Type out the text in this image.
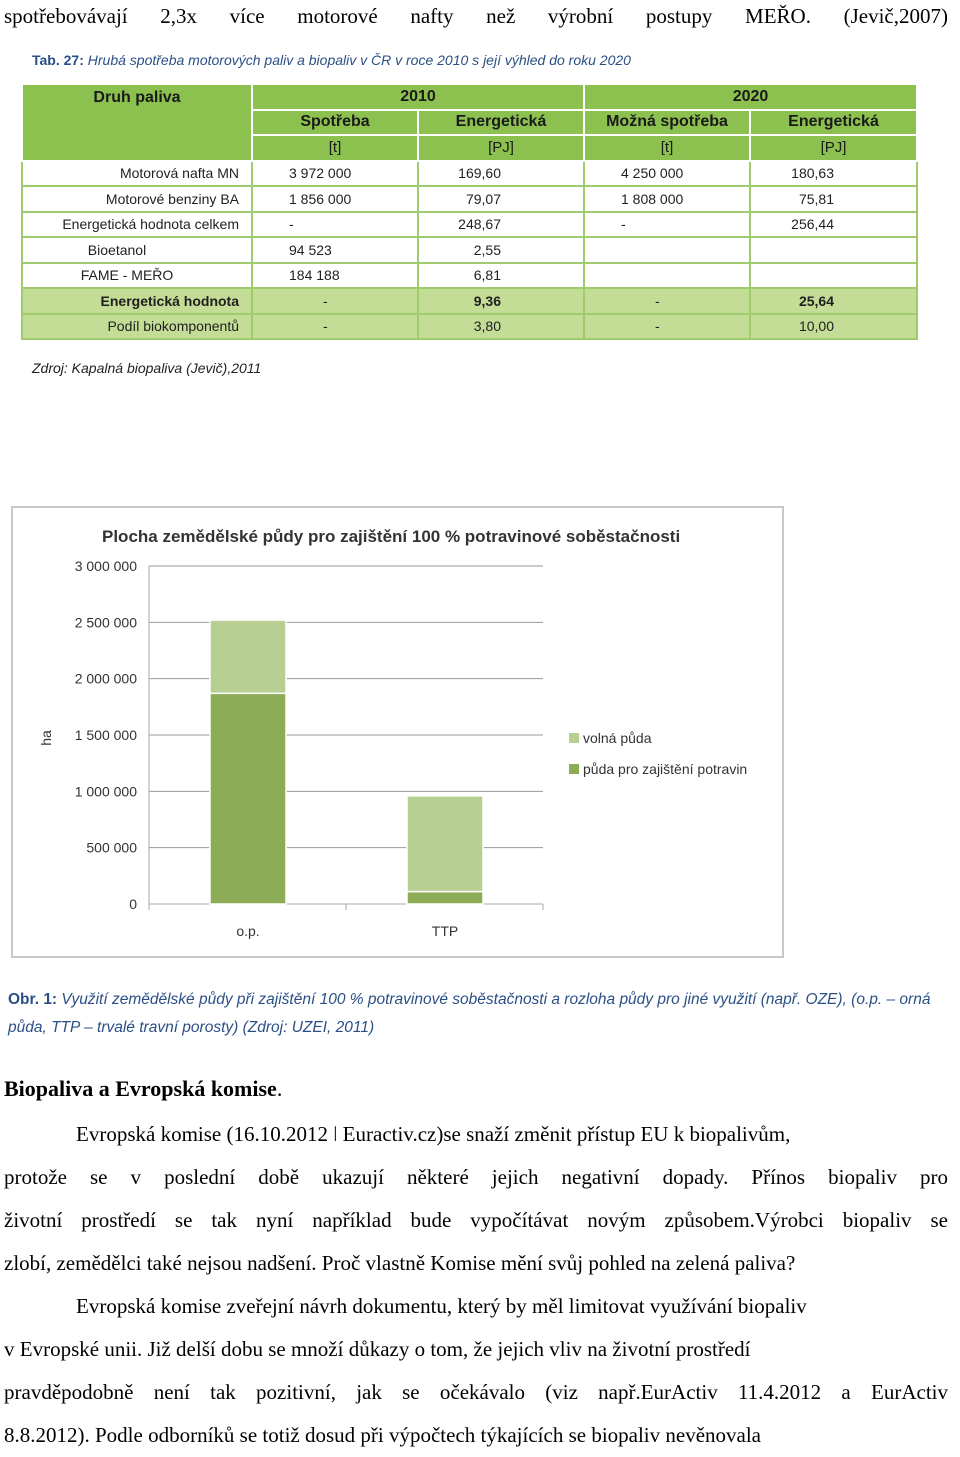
spotřebovávají 2,3x více motorové nafty než výrobní postupy MEŘO. (Jevič,2007)
Tab. 27: Hrubá spotřeba motorových paliv a biopaliv v ČR v roce 2010 s její výhled do roku 2020
Druh paliva	2010		2020	
	Spotřeba	Energetická	Možná spotřeba	Energetická
	[t]	[PJ]	[t]	[PJ]
Motorová nafta MN	3 972 000	169,60	4 250 000	180,63
Motorové benziny BA	1 856 000	79,07	1 808 000	75,81
Energetická hodnota celkem	-	248,67	-	256,44
Bioetanol	94 523	2,55		
FAME - MEŘO	184 188	6,81		
Energetická hodnota	-	9,36	-	25,64
Podíl biokomponentů	-	3,80	-	10,00
Zdroj: Kapalná biopaliva (Jevič),2011
Plocha zemědělské půdy pro zajištění 100 % potravinové soběstačnosti
0
500 000
1 000 000
1 500 000
2 000 000
2 500 000
3 000 000
ha
o.p.	TTP
volná půda
půda pro zajištění potravin
Obr. 1: Využití zemědělské půdy při zajištění 100 % potravinové soběstačnosti a rozloha půdy pro jiné využití (např. OZE), (o.p. – orná půda, TTP – trvalé travní porosty) (Zdroj: UZEI, 2011)
Biopaliva a Evropská komise.
Evropská komise (16.10.2012 ǀ Euractiv.cz)se snaží změnit přístup EU k biopalivům,
protože se v poslední době ukazují některé jejich negativní dopady. Přínos biopaliv pro
životní prostředí se tak nyní například bude vypočítávat novým způsobem.Výrobci biopaliv se
zlobí, zemědělci také nejsou nadšení. Proč vlastně Komise mění svůj pohled na zelená paliva?
Evropská komise zveřejní návrh dokumentu, který by měl limitovat využívání biopaliv
v Evropské unii. Již delší dobu se množí důkazy o tom, že jejich vliv na životní prostředí
pravděpodobně není tak pozitivní, jak se očekávalo (viz např.EurActiv 11.4.2012 a EurActiv
8.8.2012). Podle odborníků se totiž dosud při výpočtech týkajících se biopaliv nevěnovala
